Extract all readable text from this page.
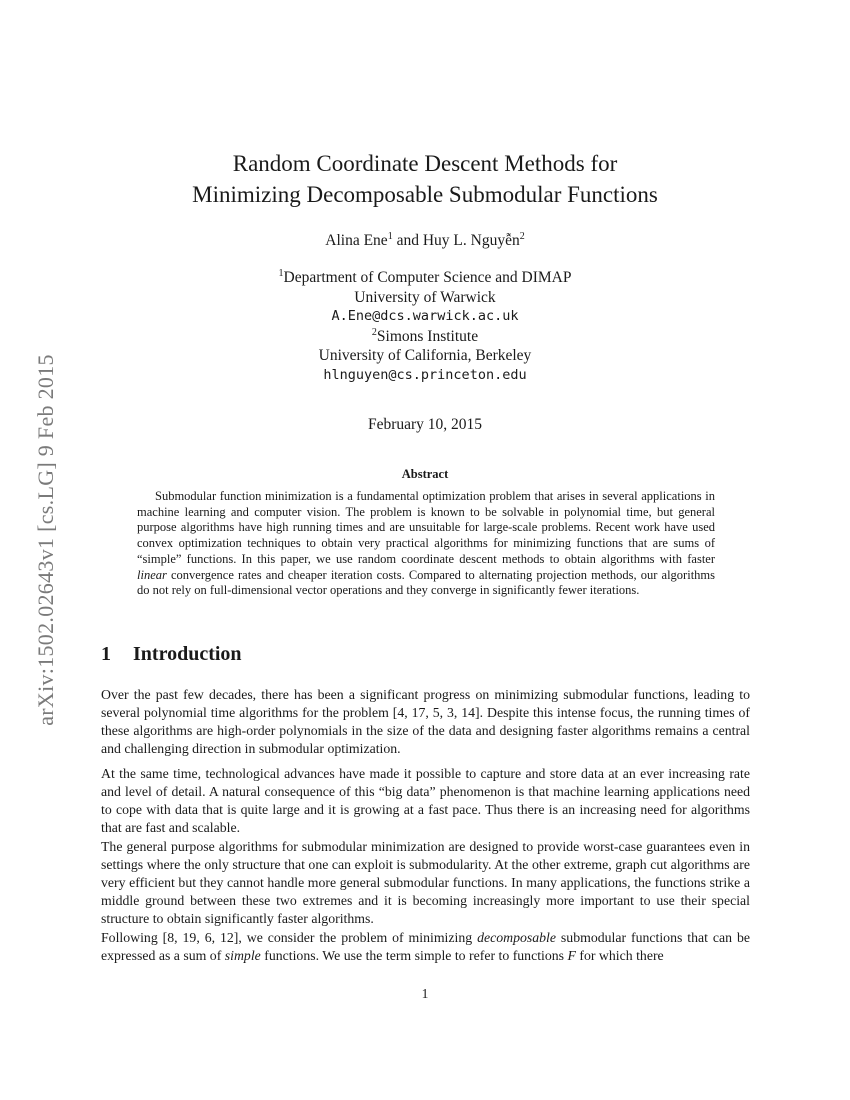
arXiv:1502.02643v1 [cs.LG] 9 Feb 2015
Random Coordinate Descent Methods for
Minimizing Decomposable Submodular Functions
Alina Ene$^1$ and Huy L. Nguyễn$^2$
$^1$Department of Computer Science and DIMAP
University of Warwick
A.Ene@dcs.warwick.ac.uk
$^2$Simons Institute
University of California, Berkeley
hlnguyen@cs.princeton.edu
February 10, 2015
Abstract

Submodular function minimization is a fundamental optimization problem that arises in several applications in machine learning and computer vision. The problem is known to be solvable in polynomial time, but general purpose algorithms have high running times and are unsuitable for large-scale problems. Recent work have used convex optimization techniques to obtain very practical algorithms for minimizing functions that are sums of “simple” functions. In this paper, we use random coordinate descent methods to obtain algorithms with faster linear convergence rates and cheaper iteration costs. Compared to alternating projection methods, our algorithms do not rely on full-dimensional vector operations and they converge in significantly fewer iterations.

1 Introduction

Over the past few decades, there has been a significant progress on minimizing submodular functions, leading to several polynomial time algorithms for the problem [4, 17, 5, 3, 14]. Despite this intense focus, the running times of these algorithms are high-order polynomials in the size of the data and designing faster algorithms remains a central and challenging direction in submodular optimization.

At the same time, technological advances have made it possible to capture and store data at an ever increasing rate and level of detail. A natural consequence of this “big data” phenomenon is that machine learning applications need to cope with data that is quite large and it is growing at a fast pace. Thus there is an increasing need for algorithms that are fast and scalable.

The general purpose algorithms for submodular minimization are designed to provide worst-case guarantees even in settings where the only structure that one can exploit is submodularity. At the other extreme, graph cut algorithms are very efficient but they cannot handle more general submodular functions. In many applications, the functions strike a middle ground between these two extremes and it is becoming increasingly more important to use their special structure to obtain significantly faster algorithms.

Following [8, 19, 6, 12], we consider the problem of minimizing decomposable submodular functions that can be expressed as a sum of simple functions. We use the term simple to refer to functions F for which there

1
